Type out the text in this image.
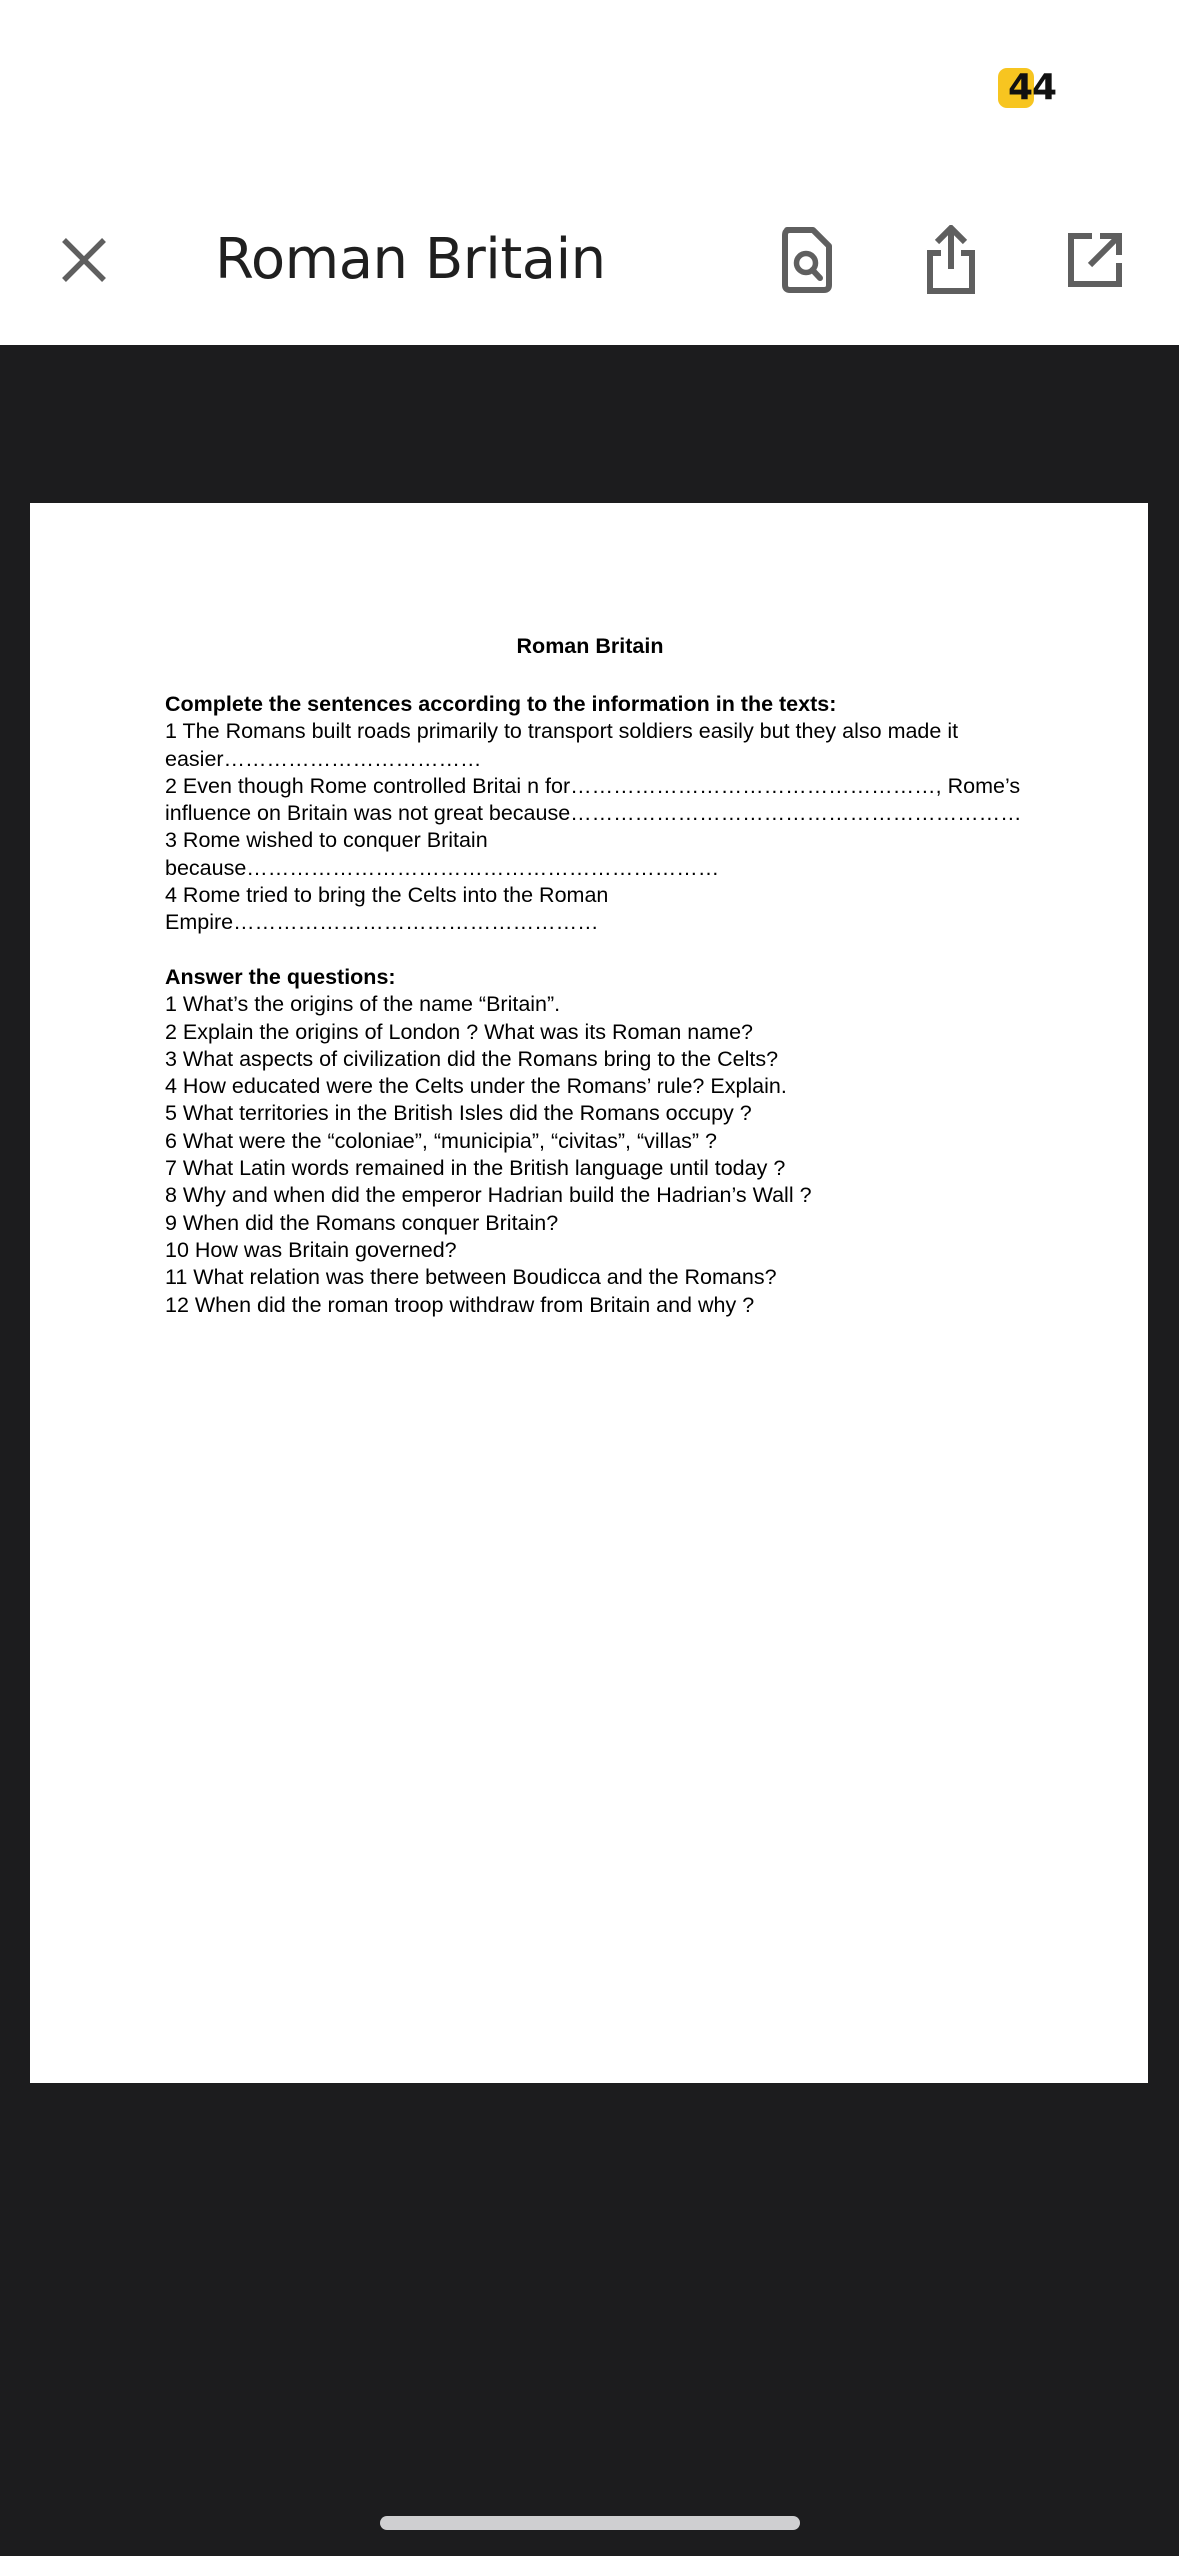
44
Roman Britain
Roman Britain
Complete the sentences according to the information in the texts:
1 The Romans built roads primarily to transport soldiers easily but they also made it
easier………………………………
2 Even though Rome controlled Britai n for……………………………………………, Rome’s
influence on Britain was not great because………………………………………………………
3 Rome wished to conquer Britain
because…………………………………………………………
4 Rome tried to bring the Celts into the Roman
Empire……………………………………………
Answer the questions:
1 What’s the origins of the name “Britain”.
2 Explain the origins of London ? What was its Roman name?
3 What aspects of civilization did the Romans bring to the Celts?
4 How educated were the Celts under the Romans’ rule? Explain.
5 What territories in the British Isles did the Romans occupy ?
6 What were the “coloniae”, “municipia”, “civitas”, “villas” ?
7 What Latin words remained in the British language until today ?
8 Why and when did the emperor Hadrian build the Hadrian’s Wall ?
9 When did the Romans conquer Britain?
10 How was Britain governed?
11 What relation was there between Boudicca and the Romans?
12 When did the roman troop withdraw from Britain and why ?
